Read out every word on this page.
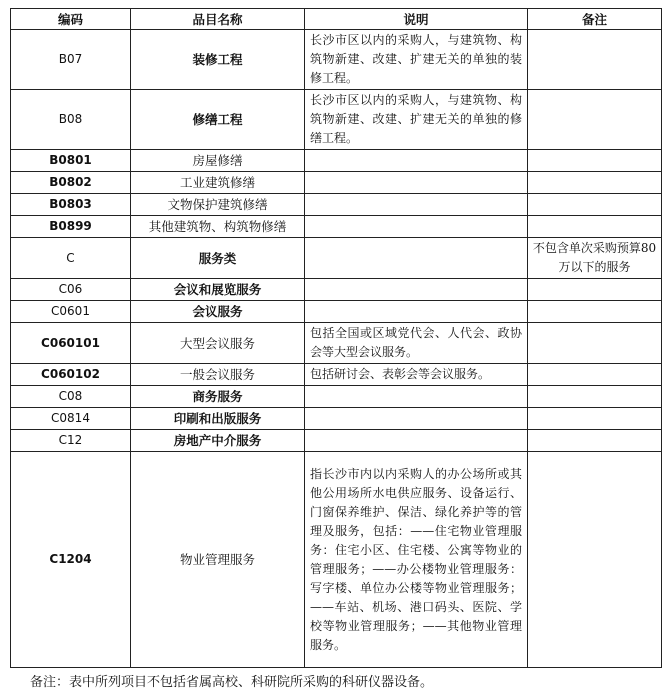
编码	品目名称	说明	备注
B07	装修工程	长沙市区以内的采购人，与建筑物、构筑物新建、改建、扩建无关的单独的装修工程。	
B08	修缮工程	长沙市区以内的采购人，与建筑物、构筑物新建、改建、扩建无关的单独的修缮工程。	
B0801	房屋修缮		
B0802	工业建筑修缮		
B0803	文物保护建筑修缮		
B0899	其他建筑物、构筑物修缮		
C	服务类		不包含单次采购预算80万以下的服务
C06	会议和展览服务		
C0601	会议服务		
C060101	大型会议服务	包括全国或区域党代会、人代会、政协会等大型会议服务。	
C060102	一般会议服务	包括研讨会、表彰会等会议服务。	
C08	商务服务		
C0814	印刷和出版服务		
C12	房地产中介服务		
C1204	物业管理服务	指长沙市内以内采购人的办公场所或其他公用场所水电供应服务、设备运行、门窗保养维护、保洁、绿化养护等的管理及服务，包括：——住宅物业管理服务：住宅小区、住宅楼、公寓等物业的管理服务；——办公楼物业管理服务：写字楼、单位办公楼等物业管理服务；——车站、机场、港口码头、医院、学校等物业管理服务；——其他物业管理服务。	
备注：表中所列项目不包括省属高校、科研院所采购的科研仪器设备。
